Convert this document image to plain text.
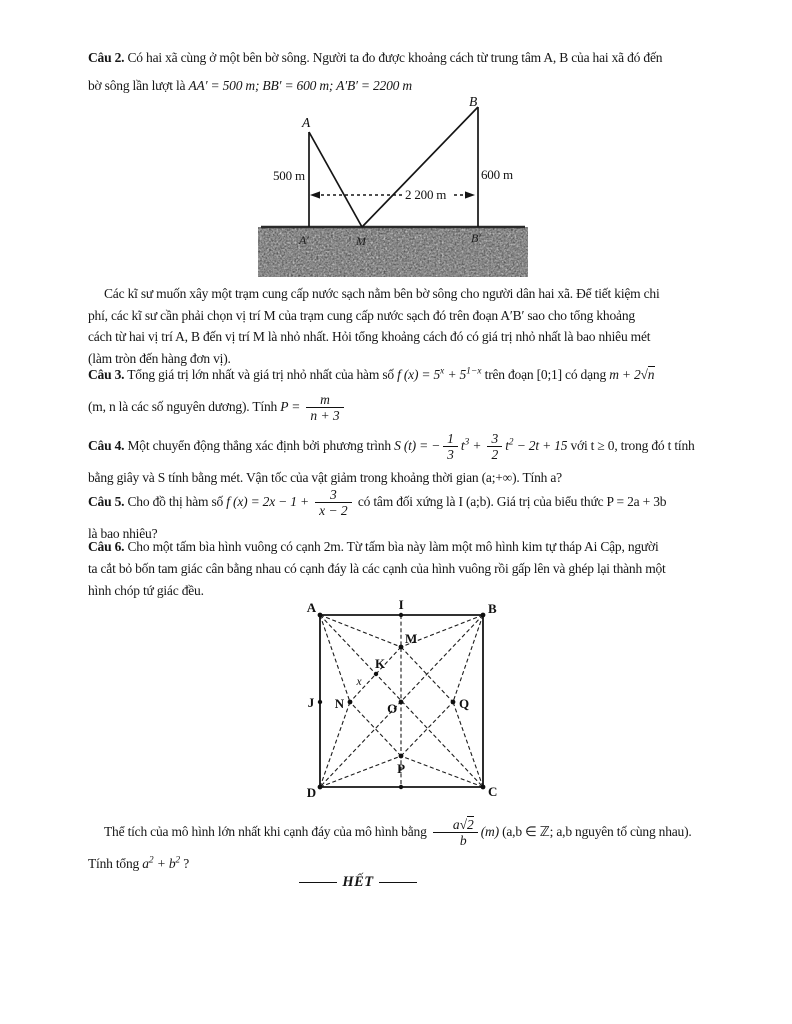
Câu 2. Có hai xã cùng ở một bên bờ sông. Người ta đo được khoảng cách từ trung tâm A, B của hai xã đó đến

bờ sông lần lượt là AA′ = 500 m; BB′ = 600 m; A′B′ = 2200 m

500 m	600 m
2 200 m
A
B
A′	M	B′

Các kĩ sư muốn xây một trạm cung cấp nước sạch nằm bên bờ sông cho người dân hai xã. Để tiết kiệm chi

phí, các kĩ sư cần phải chọn vị trí M của trạm cung cấp nước sạch đó trên đoạn A′B′ sao cho tổng khoảng

cách từ hai vị trí A, B đến vị trí M là nhỏ nhất. Hỏi tổng khoảng cách đó có giá trị nhỏ nhất là bao nhiêu mét

(làm tròn đến hàng đơn vị).

Câu 3. Tổng giá trị lớn nhất và giá trị nhỏ nhất của hàm số f $(x) = 5^x + 5^{1-x}$ trên đoạn [0;1] có dạng m + 2√n

(m, n là các số nguyên dương). Tính $P = \frac{m}{n + 3}$

Câu 4. Một chuyển động thẳng xác định bởi phương trình S (t) = − $\frac{1}{3} t^3 + \frac{3}{2} t^2 - 2t + 15$ với t ≥ 0, trong đó t tính

bằng giây và S tính bằng mét. Vận tốc của vật giảm trong khoảng thời gian (a;+∞). Tính a?

Câu 5. Cho đồ thị hàm số f $(x) = 2x - 1 + \frac{3}{x - 2}$ có tâm đối xứng là I (a;b). Giá trị của biểu thức P = 2a + 3b

là bao nhiêu?

Câu 6. Cho một tấm bìa hình vuông có cạnh 2m. Từ tấm bìa này làm một mô hình kim tự tháp Ai Cập, người

ta cắt bỏ bốn tam giác cân bằng nhau có cạnh đáy là các cạnh của hình vuông rồi gấp lên và ghép lại thành một

hình chóp tứ giác đều.

A	B
C
D
I
J
M
K
N	O
P
Q
x

Thể tích của mô hình lớn nhất khi cạnh đáy của mô hình bằng $\frac{a√2}{b} (m)$ (a,b ∈ ℤ; a,b nguyên tố cùng nhau).

Tính tổng $a^2 + b^2$ ?

HẾT
